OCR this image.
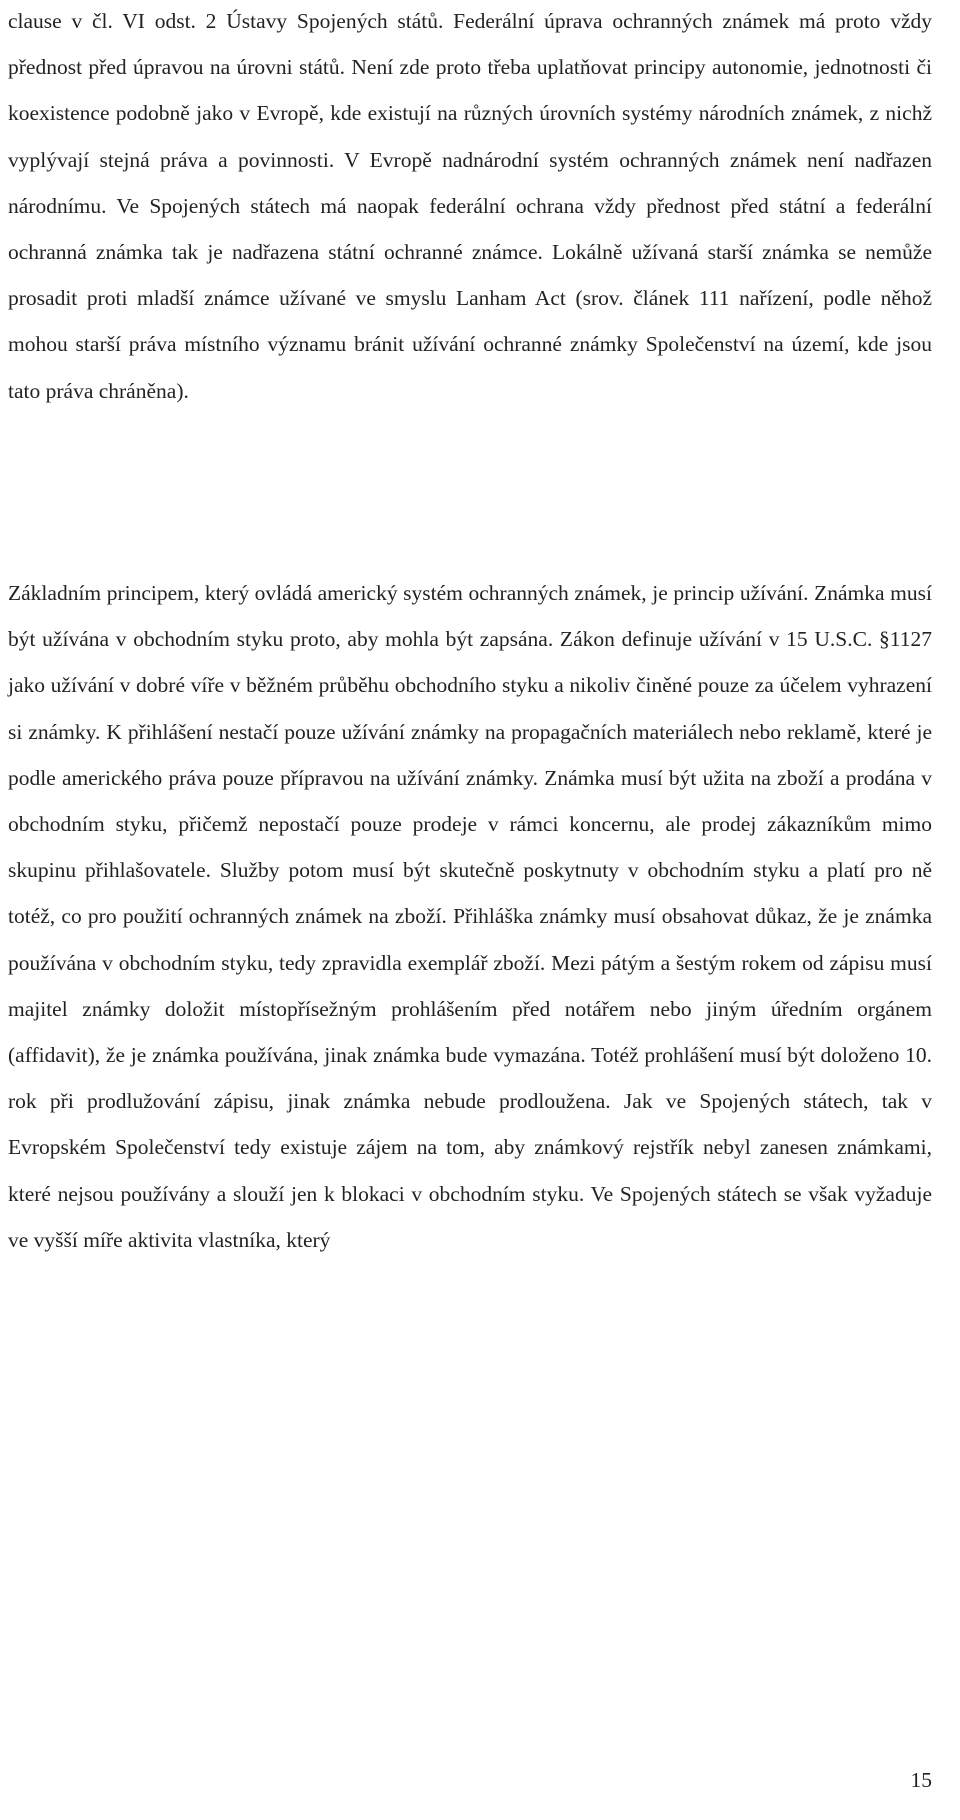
clause v čl. VI odst. 2 Ústavy Spojených států. Federální úprava ochranných známek má proto vždy přednost před úpravou na úrovni států. Není zde proto třeba uplatňovat principy autonomie, jednotnosti či koexistence podobně jako v Evropě, kde existují na různých úrovních systémy národních známek, z nichž vyplývají stejná práva a povinnosti. V Evropě nadnárodní systém ochranných známek není nadřazen národnímu. Ve Spojených státech má naopak federální ochrana vždy přednost před státní a federální ochranná známka tak je nadřazena státní ochranné známce. Lokálně užívaná starší známka se nemůže prosadit proti mladší známce užívané ve smyslu Lanham Act (srov. článek 111 nařízení, podle něhož mohou starší práva místního významu bránit užívání ochranné známky Společenství na území, kde jsou tato práva chráněna).

Základním principem, který ovládá americký systém ochranných známek, je princip užívání. Známka musí být užívána v obchodním styku proto, aby mohla být zapsána. Zákon definuje užívání v 15 U.S.C. §1127 jako užívání v dobré víře v běžném průběhu obchodního styku a nikoliv činěné pouze za účelem vyhrazení si známky. K přihlášení nestačí pouze užívání známky na propagačních materiálech nebo reklamě, které je podle amerického práva pouze přípravou na užívání známky. Známka musí být užita na zboží a prodána v obchodním styku, přičemž nepostačí pouze prodeje v rámci koncernu, ale prodej zákazníkům mimo skupinu přihlašovatele. Služby potom musí být skutečně poskytnuty v obchodním styku a platí pro ně totéž, co pro použití ochranných známek na zboží. Přihláška známky musí obsahovat důkaz, že je známka používána v obchodním styku, tedy zpravidla exemplář zboží. Mezi pátým a šestým rokem od zápisu musí majitel známky doložit místopřísežným prohlášením před notářem nebo jiným úředním orgánem (affidavit), že je známka používána, jinak známka bude vymazána. Totéž prohlášení musí být doloženo 10. rok při prodlužování zápisu, jinak známka nebude prodloužena. Jak ve Spojených státech, tak v Evropském Společenství tedy existuje zájem na tom, aby známkový rejstřík nebyl zanesen známkami, které nejsou používány a slouží jen k blokaci v obchodním styku. Ve Spojených státech se však vyžaduje ve vyšší míře aktivita vlastníka, který

15
